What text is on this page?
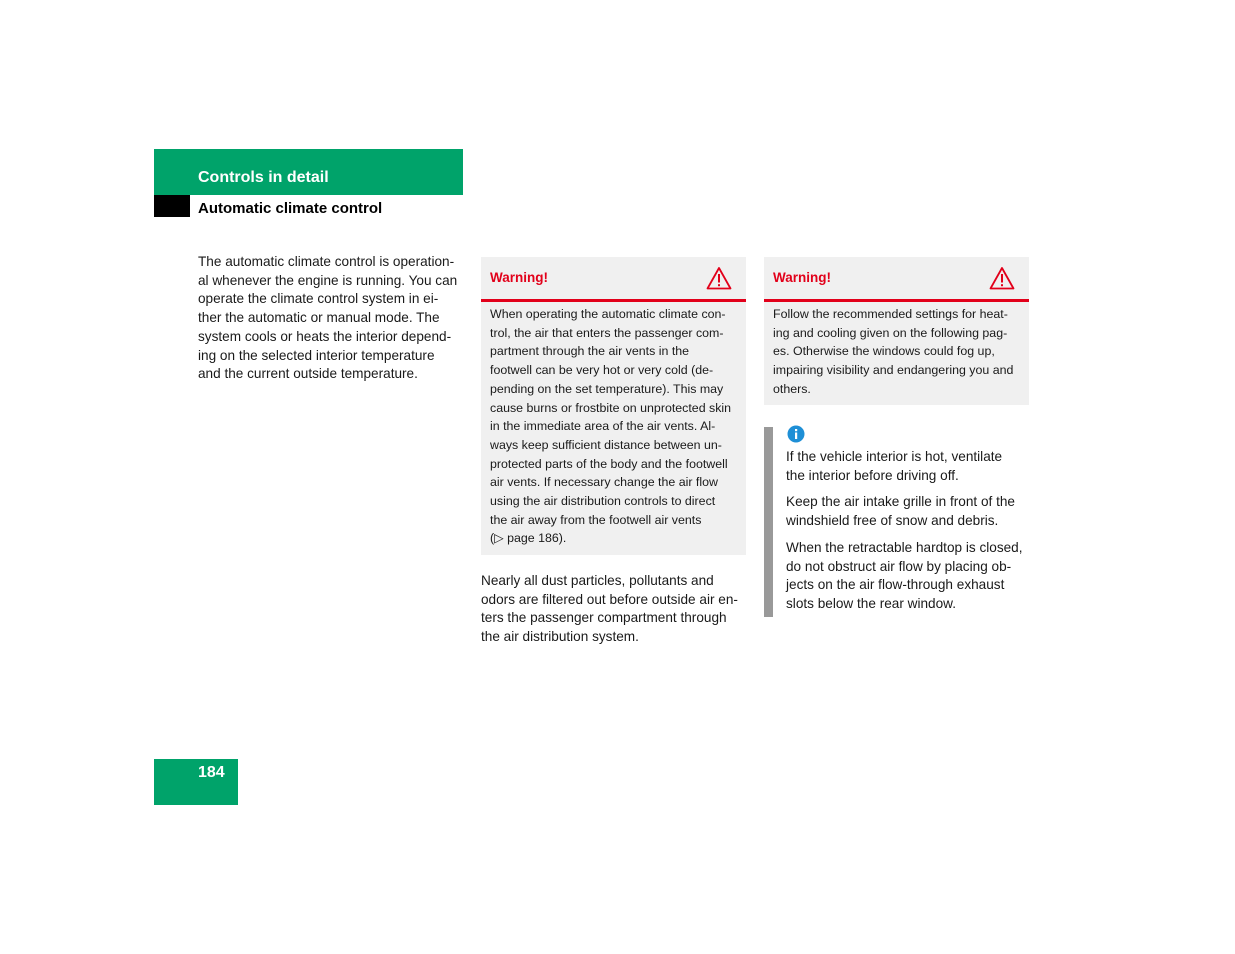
Controls in detail
Automatic climate control
The automatic climate control is operation-
al whenever the engine is running. You can
operate the climate control system in ei-
ther the automatic or manual mode. The
system cools or heats the interior depend-
ing on the selected interior temperature
and the current outside temperature.
Warning!
When operating the automatic climate con-
trol, the air that enters the passenger com-
partment through the air vents in the
footwell can be very hot or very cold (de-
pending on the set temperature). This may
cause burns or frostbite on unprotected skin
in the immediate area of the air vents. Al-
ways keep sufficient distance between un-
protected parts of the body and the footwell
air vents. If necessary change the air flow
using the air distribution controls to direct
the air away from the footwell air vents
(▷ page 186).
Nearly all dust particles, pollutants and
odors are filtered out before outside air en-
ters the passenger compartment through
the air distribution system.
Warning!
Follow the recommended settings for heat-
ing and cooling given on the following pag-
es. Otherwise the windows could fog up,
impairing visibility and endangering you and
others.
If the vehicle interior is hot, ventilate
the interior before driving off.
Keep the air intake grille in front of the
windshield free of snow and debris.
When the retractable hardtop is closed,
do not obstruct air flow by placing ob-
jects on the air flow-through exhaust
slots below the rear window.
184
